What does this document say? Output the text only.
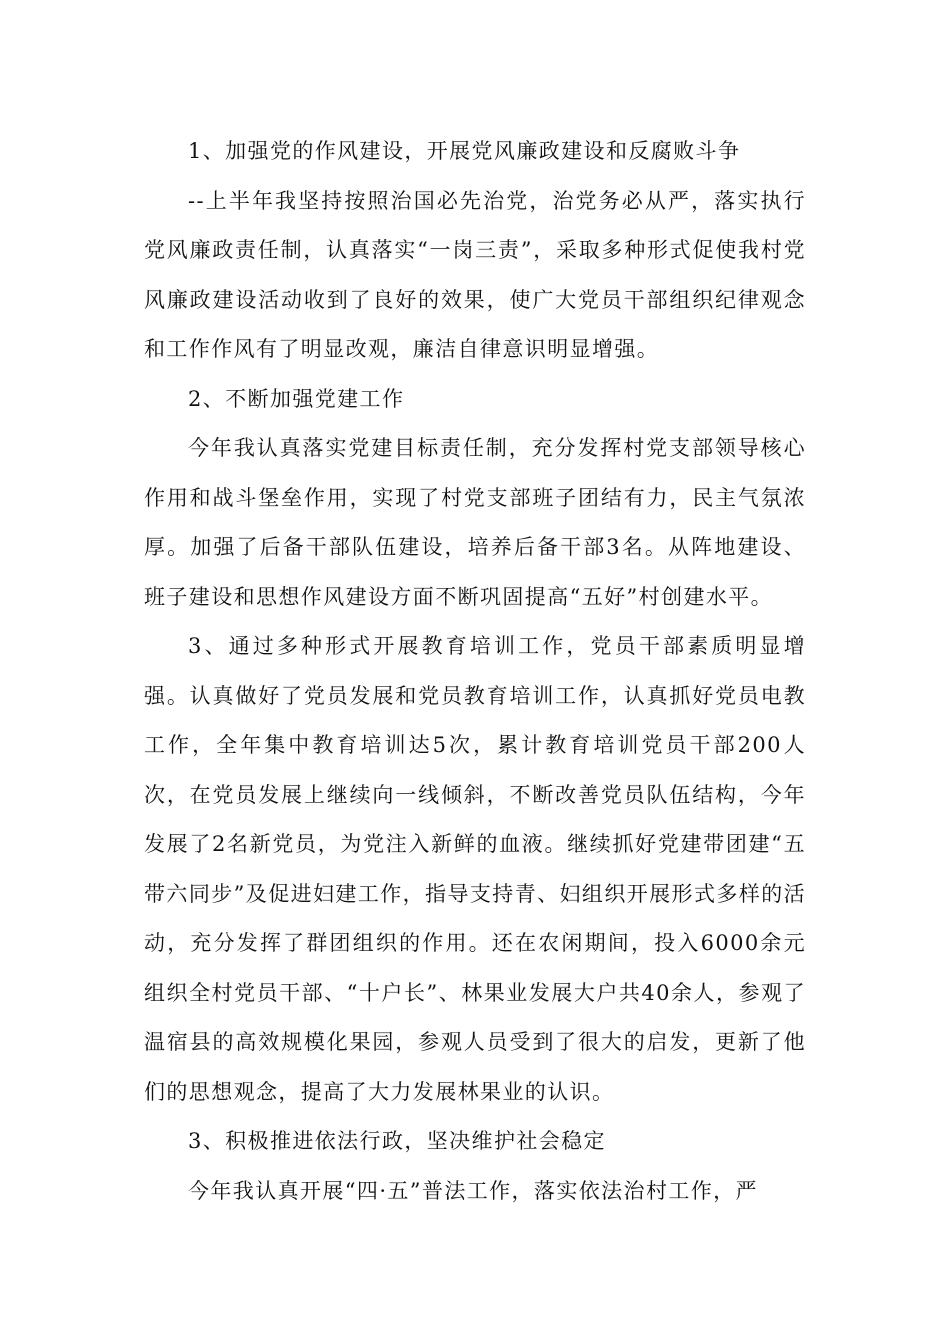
1、加强党的作风建设，开展党风廉政建设和反腐败斗争

--上半年我坚持按照治国必先治党，治党务必从严，落实执行党风廉政责任制，认真落实“一岗三责”，采取多种形式促使我村党风廉政建设活动收到了良好的效果，使广大党员干部组织纪律观念和工作作风有了明显改观，廉洁自律意识明显增强。

2、不断加强党建工作

今年我认真落实党建目标责任制，充分发挥村党支部领导核心作用和战斗堡垒作用，实现了村党支部班子团结有力，民主气氛浓厚。加强了后备干部队伍建设，培养后备干部3名。从阵地建设、班子建设和思想作风建设方面不断巩固提高“五好”村创建水平。

3、通过多种形式开展教育培训工作，党员干部素质明显增强。认真做好了党员发展和党员教育培训工作，认真抓好党员电教工作，全年集中教育培训达5次，累计教育培训党员干部200人次，在党员发展上继续向一线倾斜，不断改善党员队伍结构，今年发展了2名新党员，为党注入新鲜的血液。继续抓好党建带团建“五带六同步”及促进妇建工作，指导支持青、妇组织开展形式多样的活动，充分发挥了群团组织的作用。还在农闲期间，投入6000余元组织全村党员干部、“十户长”、林果业发展大户共40余人，参观了温宿县的高效规模化果园，参观人员受到了很大的启发，更新了他们的思想观念，提高了大力发展林果业的认识。

3、积极推进依法行政，坚决维护社会稳定

今年我认真开展“四·五”普法工作，落实依法治村工作，严
